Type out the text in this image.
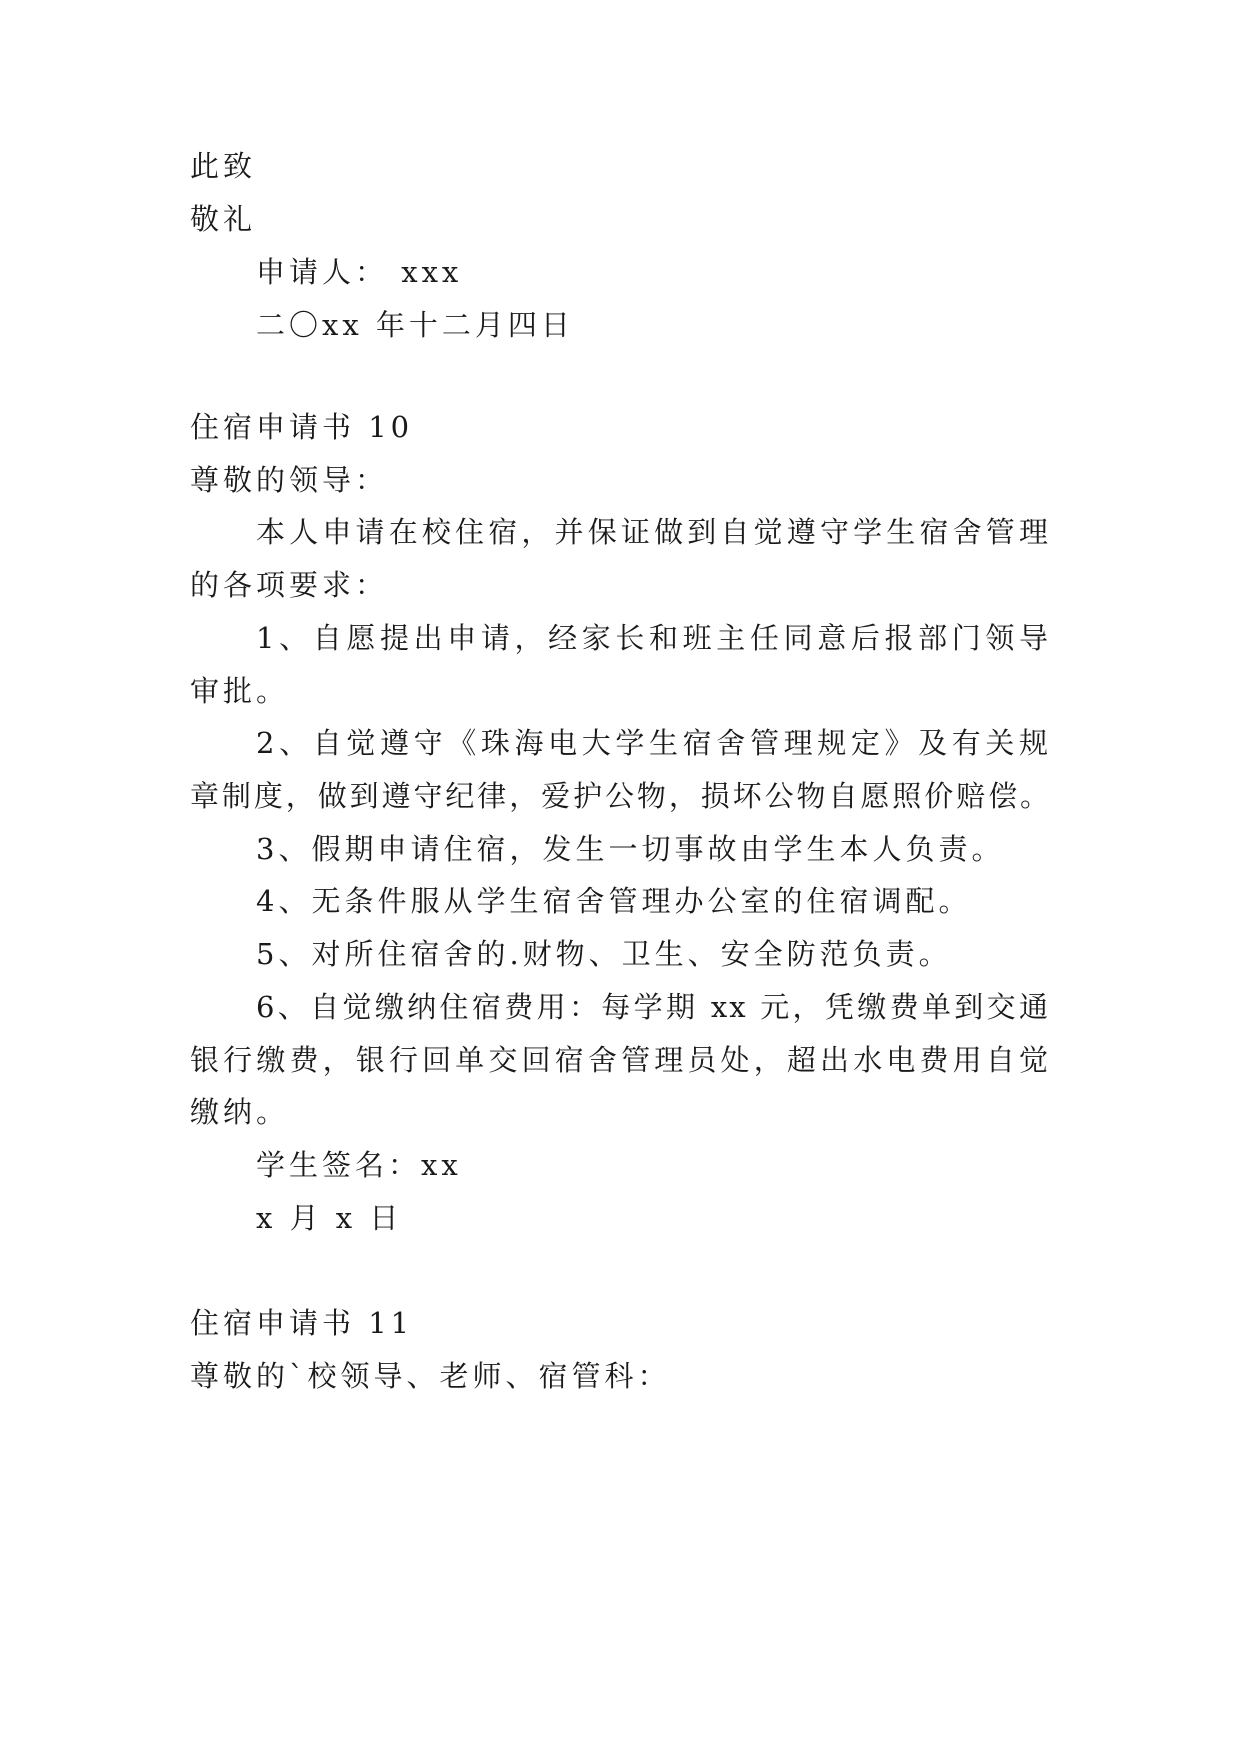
此致
敬礼
申请人： xxx
二〇xx 年十二月四日
住宿申请书 10
尊敬的领导：
本人申请在校住宿，并保证做到自觉遵守学生宿舍管理
的各项要求：
1、自愿提出申请，经家长和班主任同意后报部门领导
审批。
2、自觉遵守《珠海电大学生宿舍管理规定》及有关规
章制度，做到遵守纪律，爱护公物，损坏公物自愿照价赔偿。
3、假期申请住宿，发生一切事故由学生本人负责。
4、无条件服从学生宿舍管理办公室的住宿调配。
5、对所住宿舍的.财物、卫生、安全防范负责。
6、自觉缴纳住宿费用：每学期 xx 元，凭缴费单到交通
银行缴费，银行回单交回宿舍管理员处，超出水电费用自觉
缴纳。
学生签名：xx
x 月 x 日
住宿申请书 11
尊敬的`校领导、老师、宿管科：
